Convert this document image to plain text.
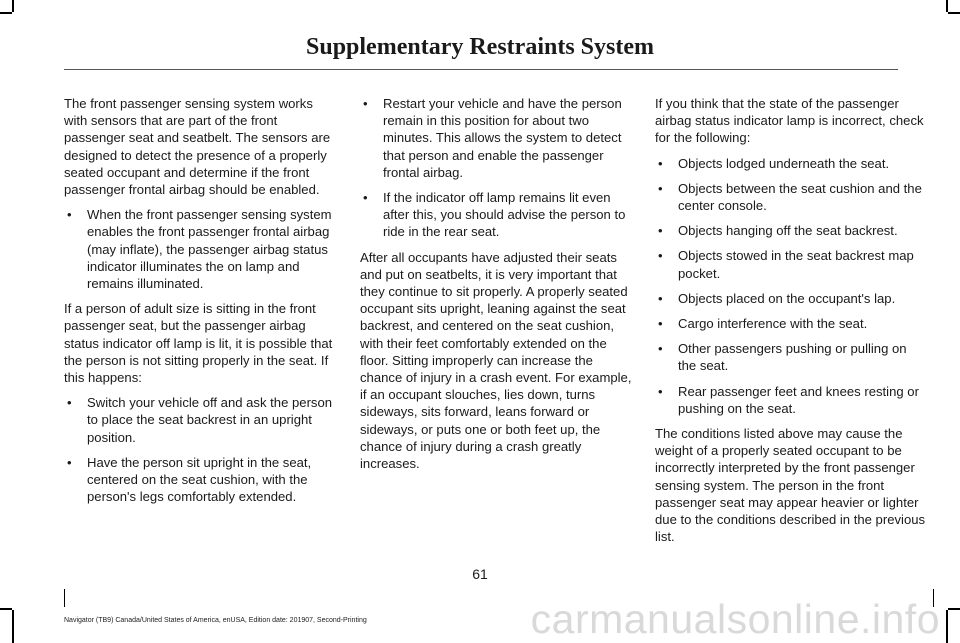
Supplementary Restraints System

The front passenger sensing system works with sensors that are part of the front passenger seat and seatbelt. The sensors are designed to detect the presence of a properly seated occupant and determine if the front passenger frontal airbag should be enabled.

• When the front passenger sensing system enables the front passenger frontal airbag (may inflate), the passenger airbag status indicator illuminates the on lamp and remains illuminated.

If a person of adult size is sitting in the front passenger seat, but the passenger airbag status indicator off lamp is lit, it is possible that the person is not sitting properly in the seat. If this happens:

• Switch your vehicle off and ask the person to place the seat backrest in an upright position.
• Have the person sit upright in the seat, centered on the seat cushion, with the person's legs comfortably extended.
• Restart your vehicle and have the person remain in this position for about two minutes. This allows the system to detect that person and enable the passenger frontal airbag.
• If the indicator off lamp remains lit even after this, you should advise the person to ride in the rear seat.

After all occupants have adjusted their seats and put on seatbelts, it is very important that they continue to sit properly. A properly seated occupant sits upright, leaning against the seat backrest, and centered on the seat cushion, with their feet comfortably extended on the floor. Sitting improperly can increase the chance of injury in a crash event. For example, if an occupant slouches, lies down, turns sideways, sits forward, leans forward or sideways, or puts one or both feet up, the chance of injury during a crash greatly increases.

If you think that the state of the passenger airbag status indicator lamp is incorrect, check for the following:

• Objects lodged underneath the seat.
• Objects between the seat cushion and the center console.
• Objects hanging off the seat backrest.
• Objects stowed in the seat backrest map pocket.
• Objects placed on the occupant's lap.
• Cargo interference with the seat.
• Other passengers pushing or pulling on the seat.
• Rear passenger feet and knees resting or pushing on the seat.

The conditions listed above may cause the weight of a properly seated occupant to be incorrectly interpreted by the front passenger sensing system. The person in the front passenger seat may appear heavier or lighter due to the conditions described in the previous list.

61
Navigator (TB9) Canada/United States of America, enUSA, Edition date: 201907, Second-Printing	carmanualsonline.info
